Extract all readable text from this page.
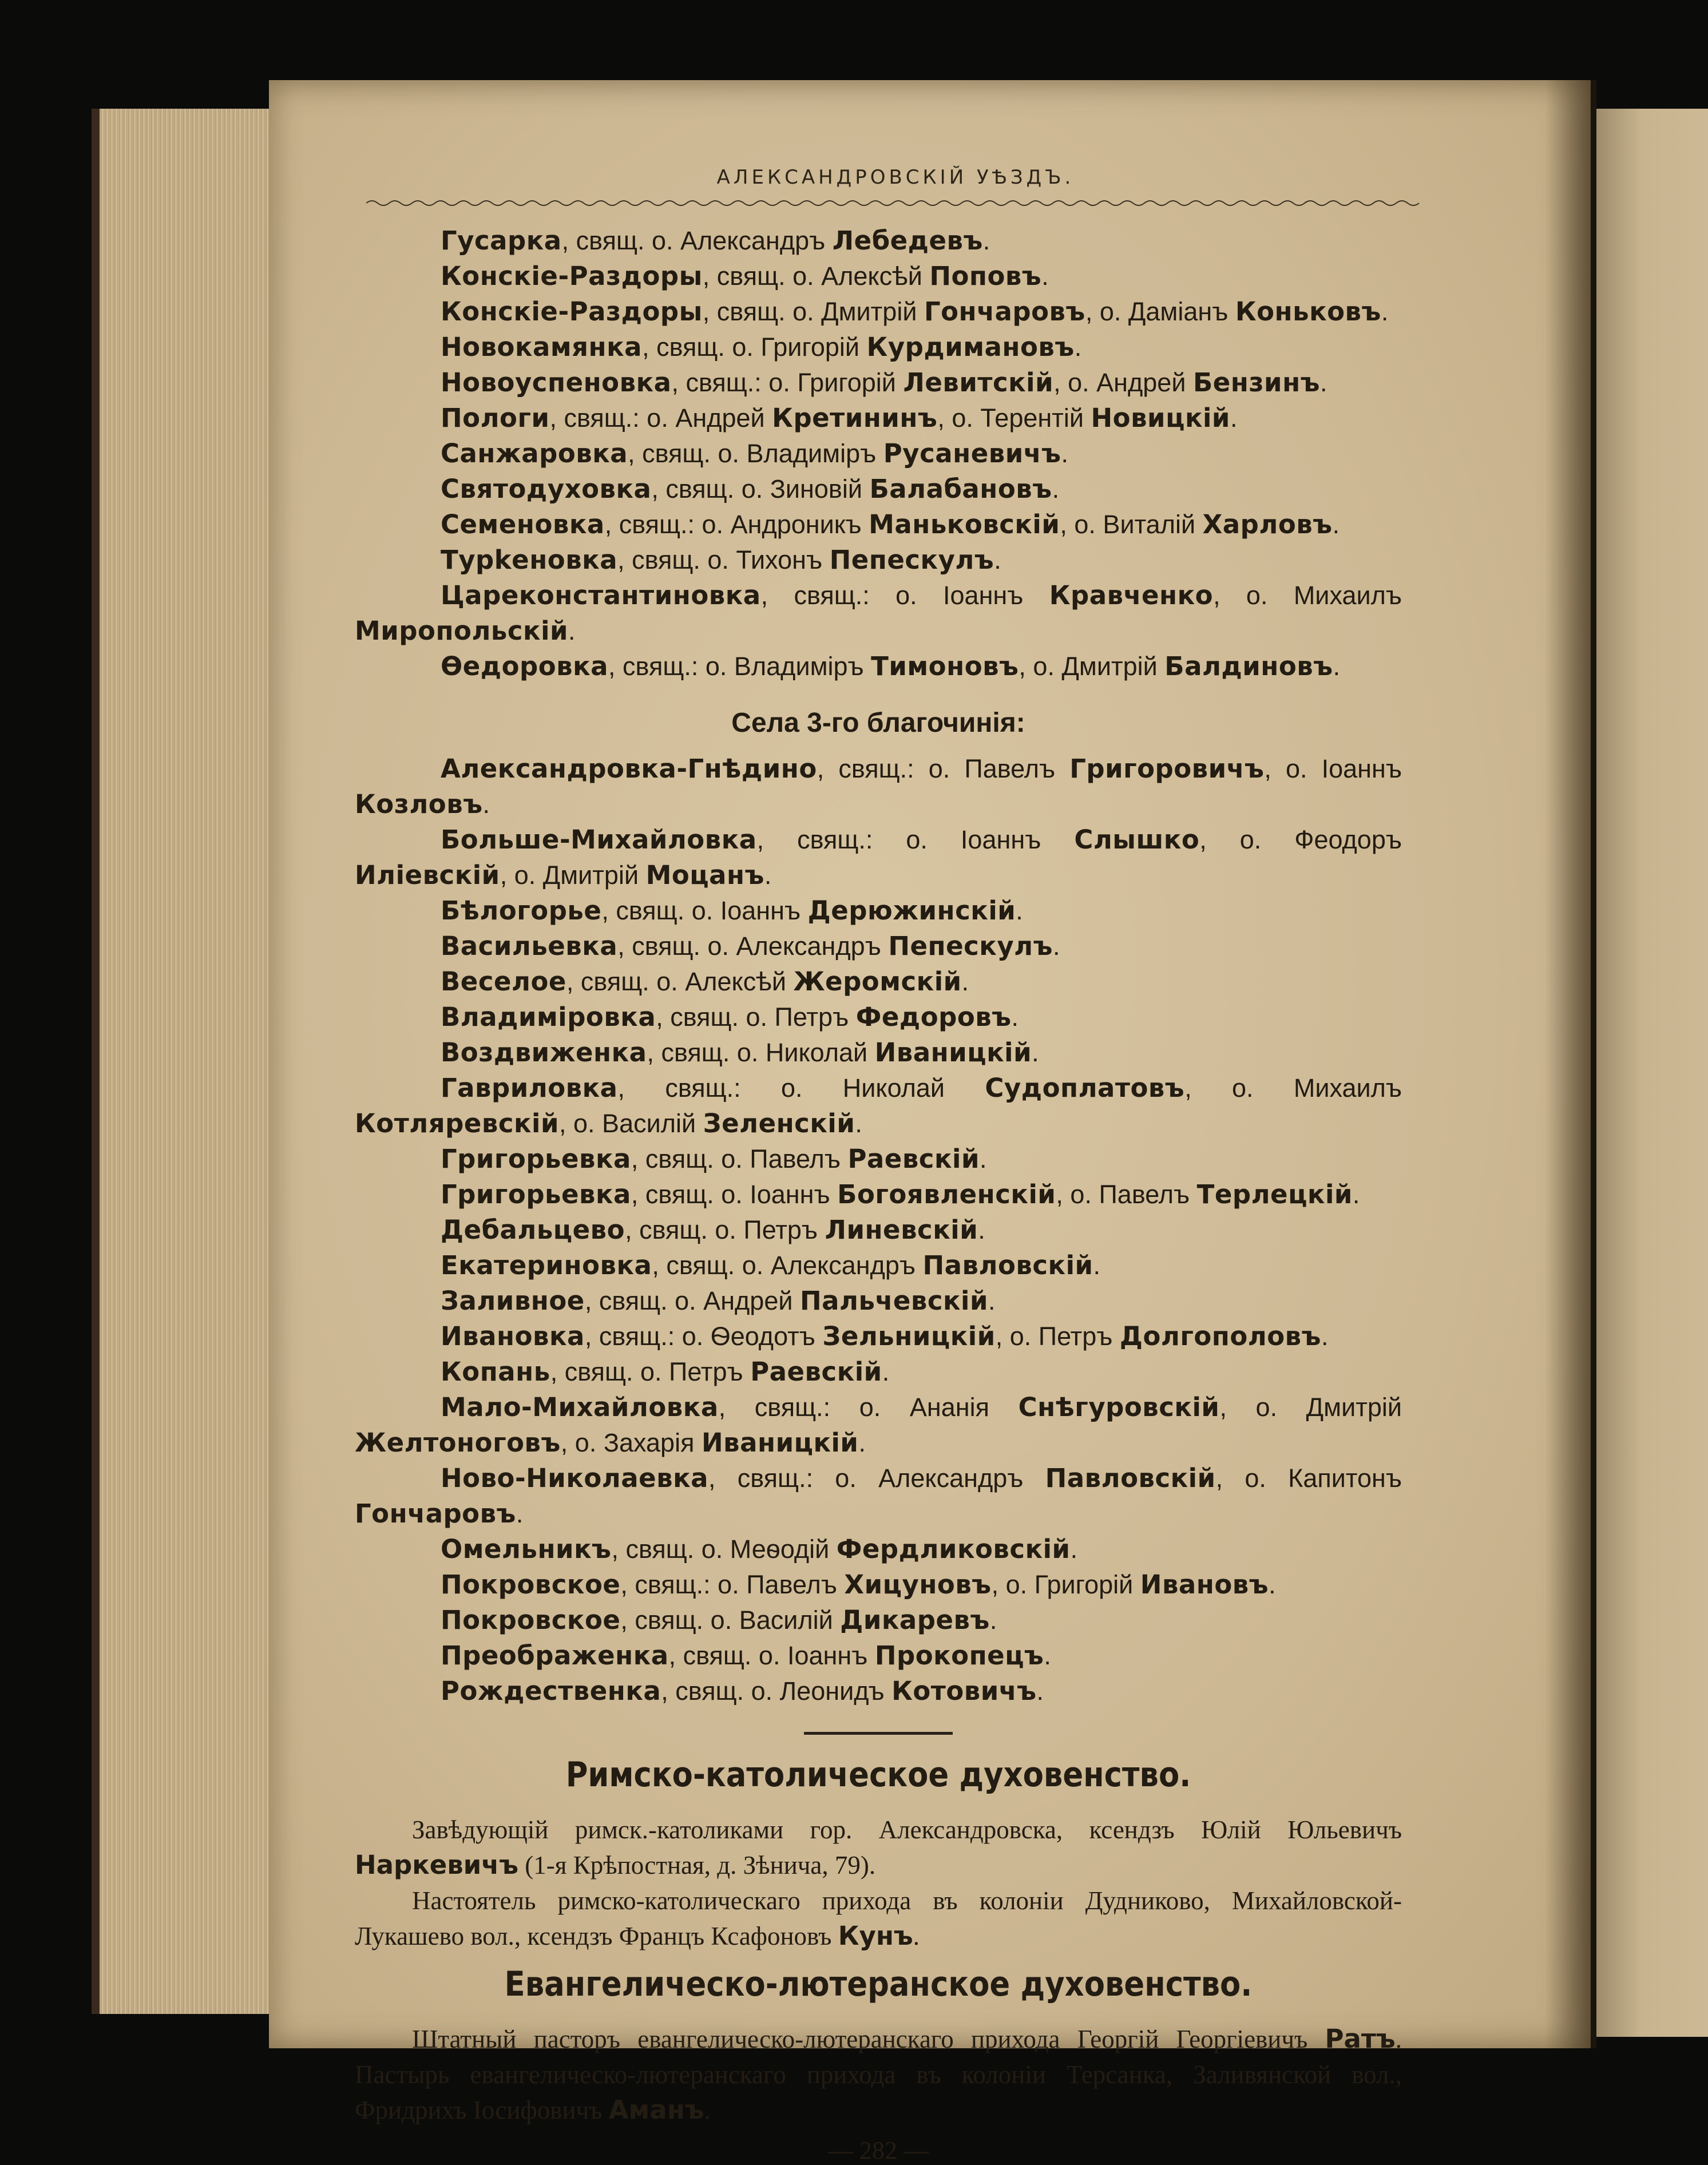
АЛЕКСАНДРОВСКІЙ УѢЗДЪ.

Гусарка, свящ. о. Александръ Лебедевъ.

Конскіе-Раздоры, свящ. о. Алексѣй Поповъ.

Конскіе-Раздоры, свящ. о. Дмитрій Гончаровъ, о. Даміанъ Коньковъ.

Новокамянка, свящ. о. Григорій Курдимановъ.

Новоуспеновка, свящ.: о. Григорій Левитскій, о. Андрей Бензинъ.

Пологи, свящ.: о. Андрей Кретининъ, о. Терентій Новицкій.

Санжаровка, свящ. о. Владиміръ Русаневичъ.

Святодуховка, свящ. о. Зиновій Балабановъ.

Семеновка, свящ.: о. Андроникъ Маньковскій, о. Виталій Харловъ.

Турkеновка, свящ. о. Тихонъ Пепескулъ.

Цареконстантиновка, свящ.: о. Іоаннъ Кравченко, о. Михаилъ Миропольскій.

Ѳедоровка, свящ.: о. Владиміръ Тимоновъ, о. Дмитрій Балдиновъ.

Села 3-го благочинія:

Александровка-Гнѣдино, свящ.: о. Павелъ Григоровичъ, о. Іоаннъ Козловъ.

Больше-Михайловка, свящ.: о. Іоаннъ Слышко, о. Феодоръ Илiевскій, о. Дмитрій Моцанъ.

Бѣлогорье, свящ. о. Іоаннъ Дерюжинскій.

Васильевка, свящ. о. Александръ Пепескулъ.

Веселое, свящ. о. Алексѣй Жеромскій.

Владиміровка, свящ. о. Петръ Федоровъ.

Воздвиженка, свящ. о. Николай Иваницкій.

Гавриловка, свящ.: о. Николай Судоплатовъ, о. Михаилъ Котляревскій, о. Василій Зеленскій.

Григорьевка, свящ. о. Павелъ Раевскій.

Григорьевка, свящ. о. Іоаннъ Богоявленскій, о. Павелъ Терлецкій.

Дебальцево, свящ. о. Петръ Линевскій.

Екатериновка, свящ. о. Александръ Павловскій.

Заливное, свящ. о. Андрей Пальчевскій.

Ивановка, свящ.: о. Ѳеодотъ Зельницкій, о. Петръ Долгополовъ.

Копань, свящ. о. Петръ Раевскій.

Мало-Михайловка, свящ.: о. Ананія Снѣгуровскій, о. Дмитрій Желтоноговъ, о. Захарія Иваницкій.

Ново-Николаевка, свящ.: о. Александръ Павловскій, о. Капитонъ Гончаровъ.

Омельникъ, свящ. о. Меѳодій Фердликовскій.

Покровское, свящ.: о. Павелъ Хицуновъ, о. Григорій Ивановъ.

Покровское, свящ. о. Василій Дикаревъ.

Преображенка, свящ. о. Іоаннъ Прокопецъ.

Рождественка, свящ. о. Леонидъ Котовичъ.

Римско-католическое духовенство.

Завѣдующій римск.-католиками гор. Александровска, ксендзъ Юлій Юльевичъ Наркевичъ (1-я Крѣпостная, д. Зѣнича, 79).

Настоятель римско-католическаго прихода въ колоніи Дудниково, Михайловской-Лукашево вол., ксендзъ Францъ Ксафоновъ Кунъ.

Евангелическо-лютеранское духовенство.

Штатный пасторъ евангелическо-лютеранскаго прихода Георгій Георгіевичъ Ратъ. Пастырь евангелическо-лютеранскаго прихода въ колоніи Терсанка, Заливянской вол., Фридрихъ Іосифовичъ Аманъ.

— 282 —
